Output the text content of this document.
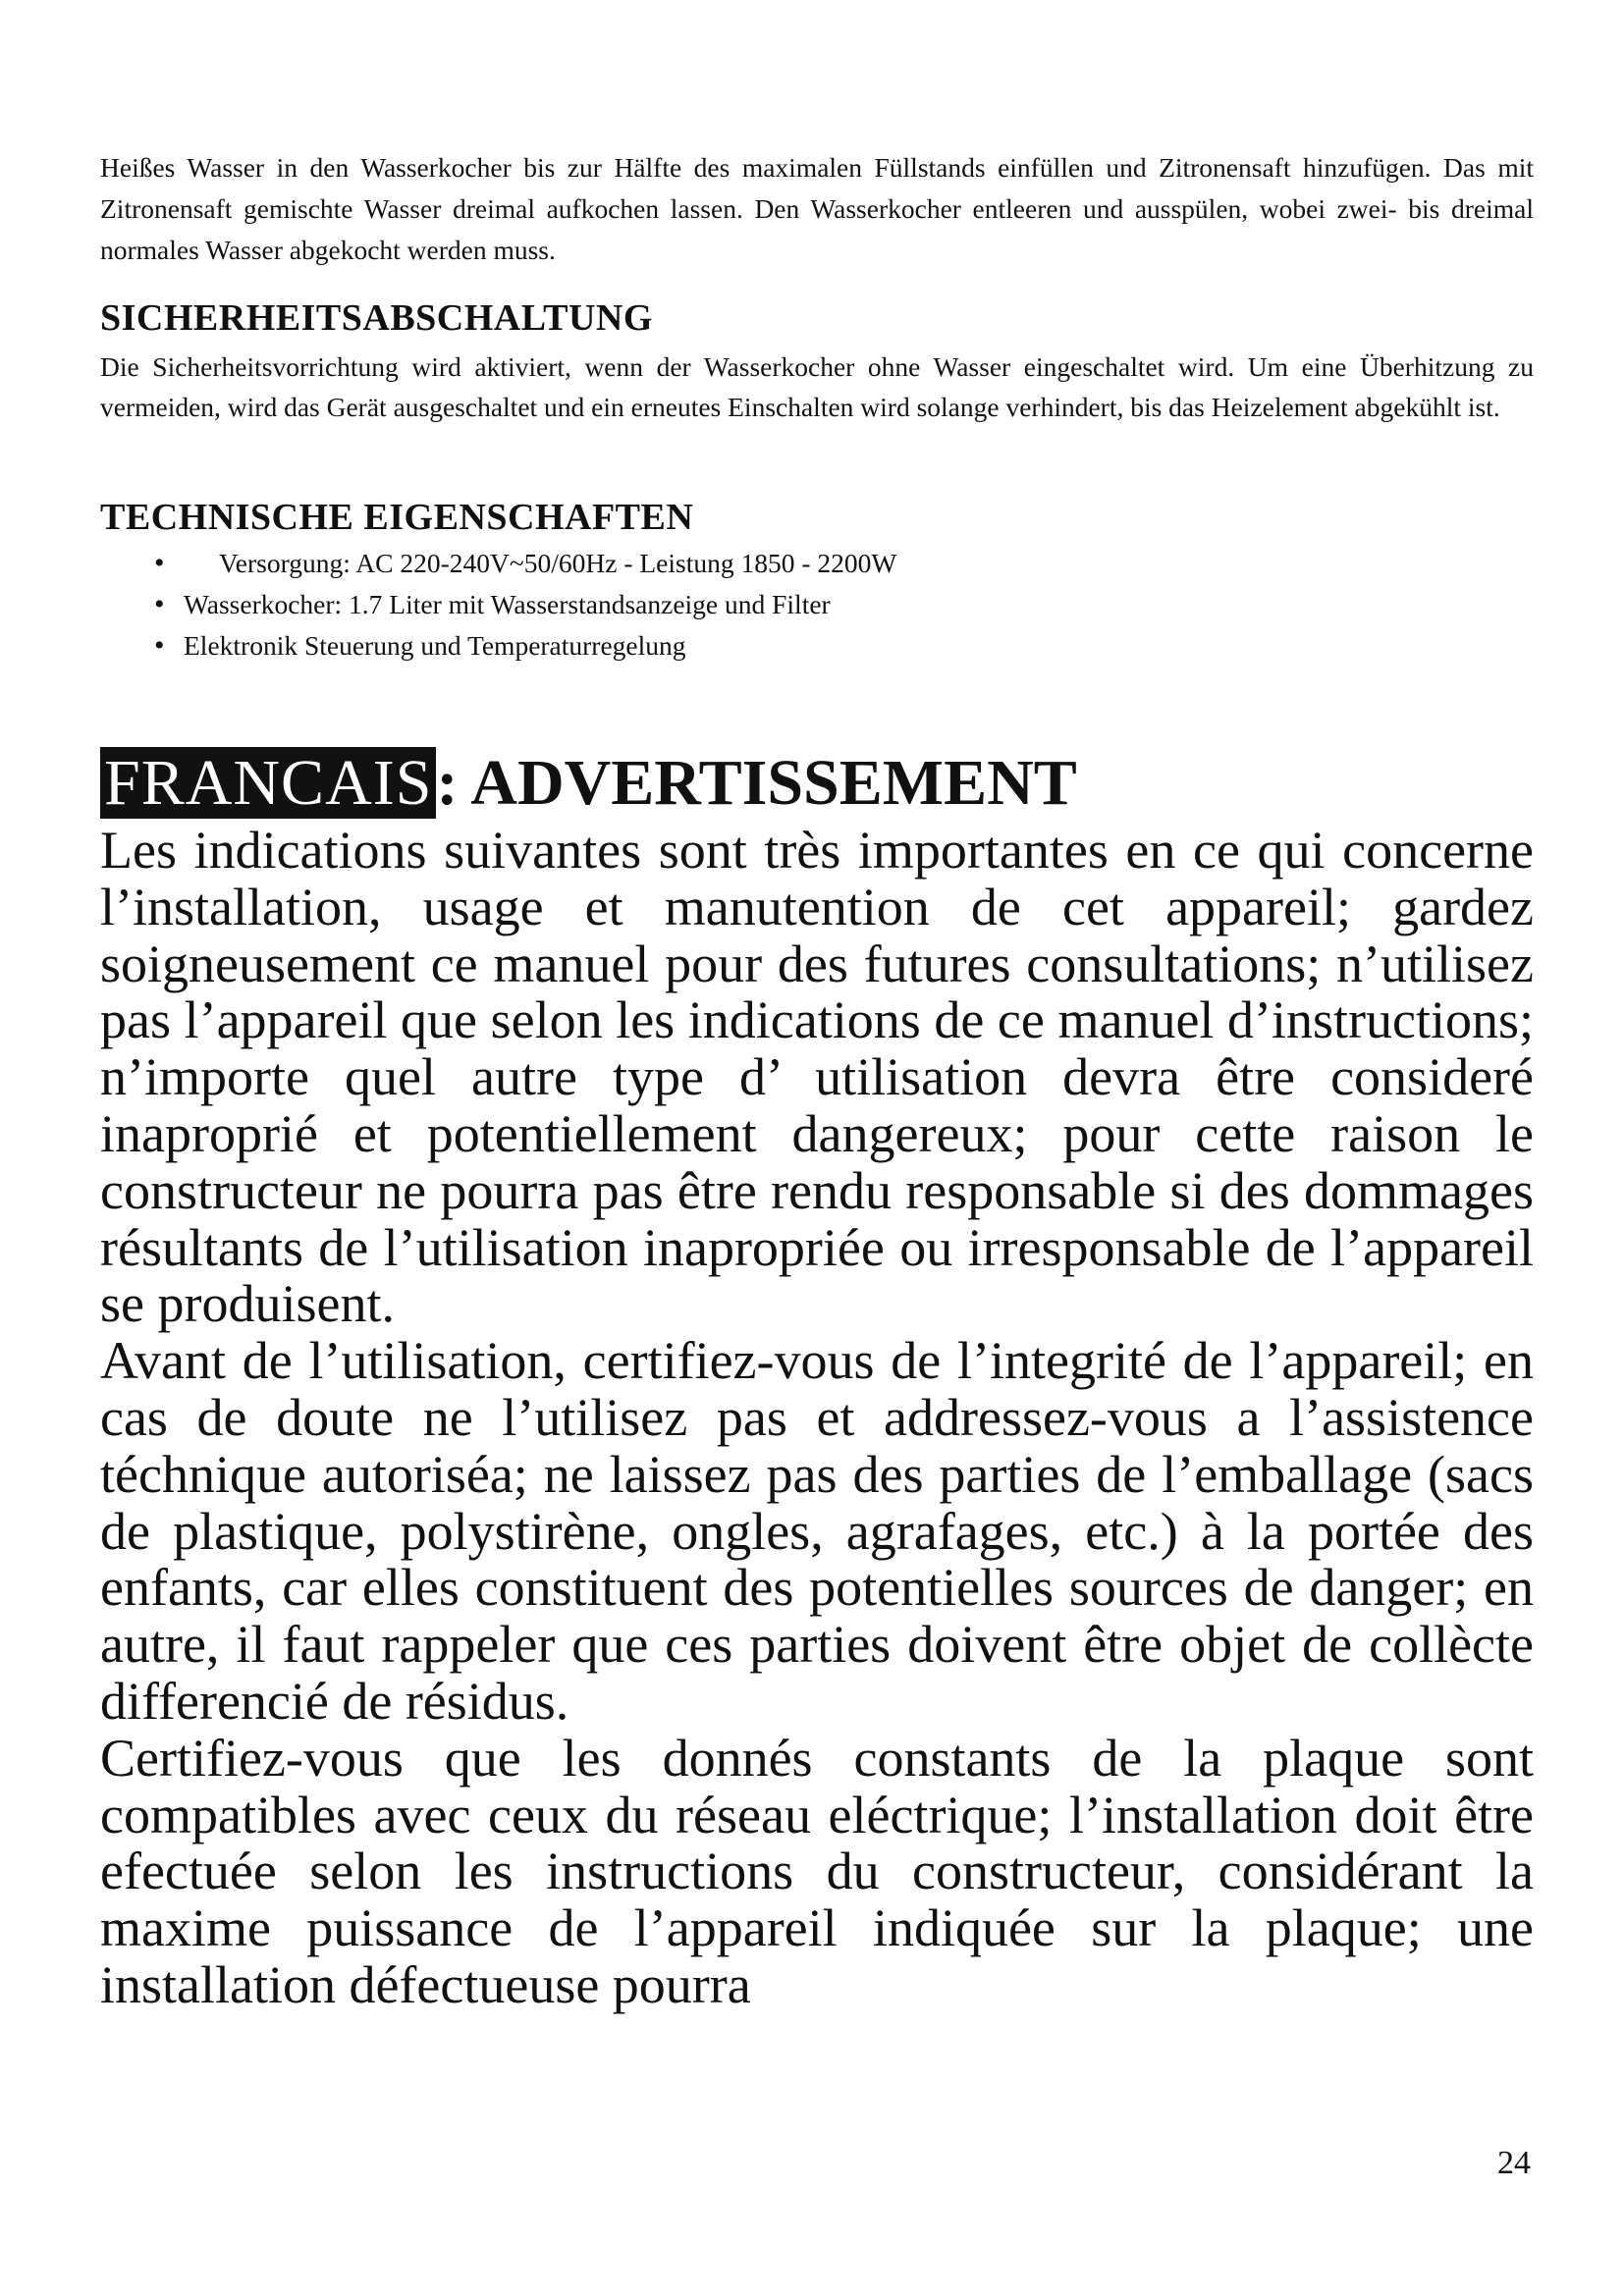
Heißes Wasser in den Wasserkocher bis zur Hälfte des maximalen Füllstands einfüllen und Zitronensaft hinzufügen. Das mit Zitronensaft gemischte Wasser dreimal aufkochen lassen. Den Wasserkocher entleeren und ausspülen, wobei zwei- bis dreimal normales Wasser abgekocht werden muss.
SICHERHEITSABSCHALTUNG
Die Sicherheitsvorrichtung wird aktiviert, wenn der Wasserkocher ohne Wasser eingeschaltet wird. Um eine Überhitzung zu vermeiden, wird das Gerät ausgeschaltet und ein erneutes Einschalten wird solange verhindert, bis das Heizelement abgekühlt ist.
TECHNISCHE EIGENSCHAFTEN
• Versorgung: AC 220-240V~50/60Hz - Leistung 1850 - 2200W
• Wasserkocher: 1.7 Liter mit Wasserstandsanzeige und Filter
• Elektronik Steuerung und Temperaturregelung
FRANCAIS: ADVERTISSEMENT

Les indications suivantes sont très importantes en ce qui concerne l’installation, usage et manutention de cet appareil; gardez soigneusement ce manuel pour des futures consultations; n’utilisez pas l’appareil que selon les indications de ce manuel d’instructions; n’importe quel autre type d’ utilisation devra être consideré inaproprié et potentiellement dangereux; pour cette raison le constructeur ne pourra pas être rendu responsable si des dommages résultants de l’utilisation inapropriée ou irresponsable de l’appareil se produisent.

Avant de l’utilisation, certifiez-vous de l’integrité de l’appareil; en cas de doute ne l’utilisez pas et addressez-vous a l’assistence téchnique autoriséa; ne laissez pas des parties de l’emballage (sacs de plastique, polystirène, ongles, agrafages, etc.) à la portée des enfants, car elles constituent des potentielles sources de danger; en autre, il faut rappeler que ces parties doivent être objet de collècte differencié de résidus.

Certifiez-vous que les donnés constants de la plaque sont compatibles avec ceux du réseau eléctrique; l’installation doit être efectuée selon les instructions du constructeur, considérant la maxime puissance de l’appareil indiquée sur la plaque; une installation défectueuse pourra

24
